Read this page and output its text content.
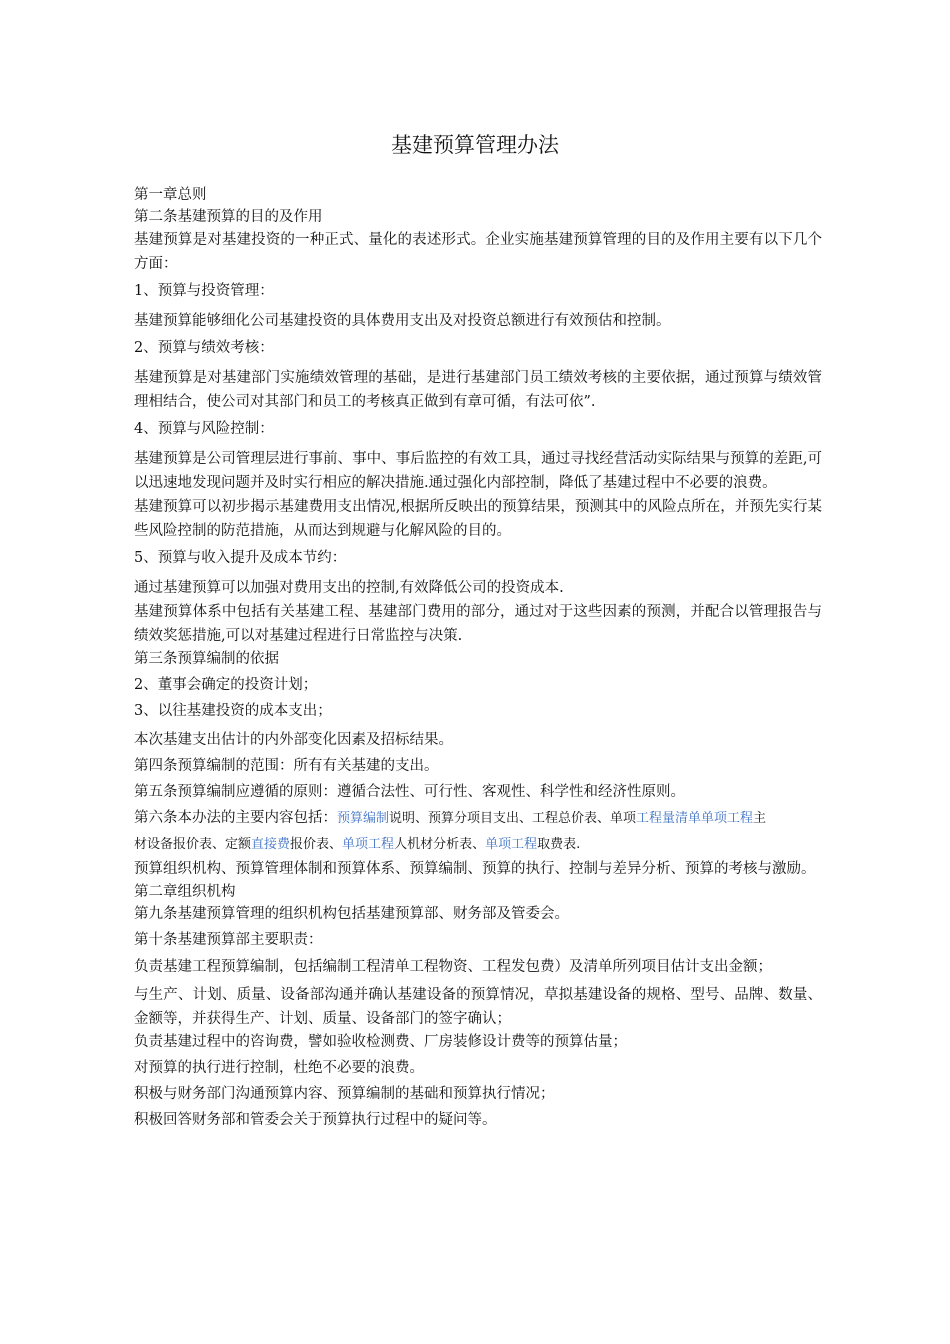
基建预算管理办法
第一章总则
第二条基建预算的目的及作用
基建预算是对基建投资的一种正式、量化的表述形式。企业实施基建预算管理的目的及作用主要有以下几个方面：
1、预算与投资管理：
基建预算能够细化公司基建投资的具体费用支出及对投资总额进行有效预估和控制。
2、预算与绩效考核：
基建预算是对基建部门实施绩效管理的基础，是进行基建部门员工绩效考核的主要依据，通过预算与绩效管理相结合，使公司对其部门和员工的考核真正做到有章可循，有法可依”.
4、预算与风险控制：
基建预算是公司管理层进行事前、事中、事后监控的有效工具，通过寻找经营活动实际结果与预算的差距,可以迅速地发现问题并及时实行相应的解决措施.通过强化内部控制，降低了基建过程中不必要的浪费。
基建预算可以初步揭示基建费用支出情况,根据所反映出的预算结果，预测其中的风险点所在，并预先实行某些风险控制的防范措施，从而达到规避与化解风险的目的。
5、预算与收入提升及成本节约：
通过基建预算可以加强对费用支出的控制,有效降低公司的投资成本.
基建预算体系中包括有关基建工程、基建部门费用的部分，通过对于这些因素的预测，并配合以管理报告与绩效奖惩措施,可以对基建过程进行日常监控与决策.
第三条预算编制的依据
2、董事会确定的投资计划；
3、以往基建投资的成本支出；
本次基建支出估计的内外部变化因素及招标结果。
第四条预算编制的范围：所有有关基建的支出。
第五条预算编制应遵循的原则：遵循合法性、可行性、客观性、科学性和经济性原则。
第六条本办法的主要内容包括：预算编制说明、预算分项目支出、工程总价表、单项工程量清单单项工程主
材设备报价表、定额直接费报价表、单项工程人机材分析表、单项工程取费表.
预算组织机构、预算管理体制和预算体系、预算编制、预算的执行、控制与差异分析、预算的考核与激励。
第二章组织机构
第九条基建预算管理的组织机构包括基建预算部、财务部及管委会。
第十条基建预算部主要职责：
负责基建工程预算编制，包括编制工程清单工程物资、工程发包费）及清单所列项目估计支出金额；
与生产、计划、质量、设备部沟通并确认基建设备的预算情况，草拟基建设备的规格、型号、品牌、数量、金额等，并获得生产、计划、质量、设备部门的签字确认；
负责基建过程中的咨询费，譬如验收检测费、厂房装修设计费等的预算估量；
对预算的执行进行控制，杜绝不必要的浪费。
积极与财务部门沟通预算内容、预算编制的基础和预算执行情况；
积极回答财务部和管委会关于预算执行过程中的疑问等。
